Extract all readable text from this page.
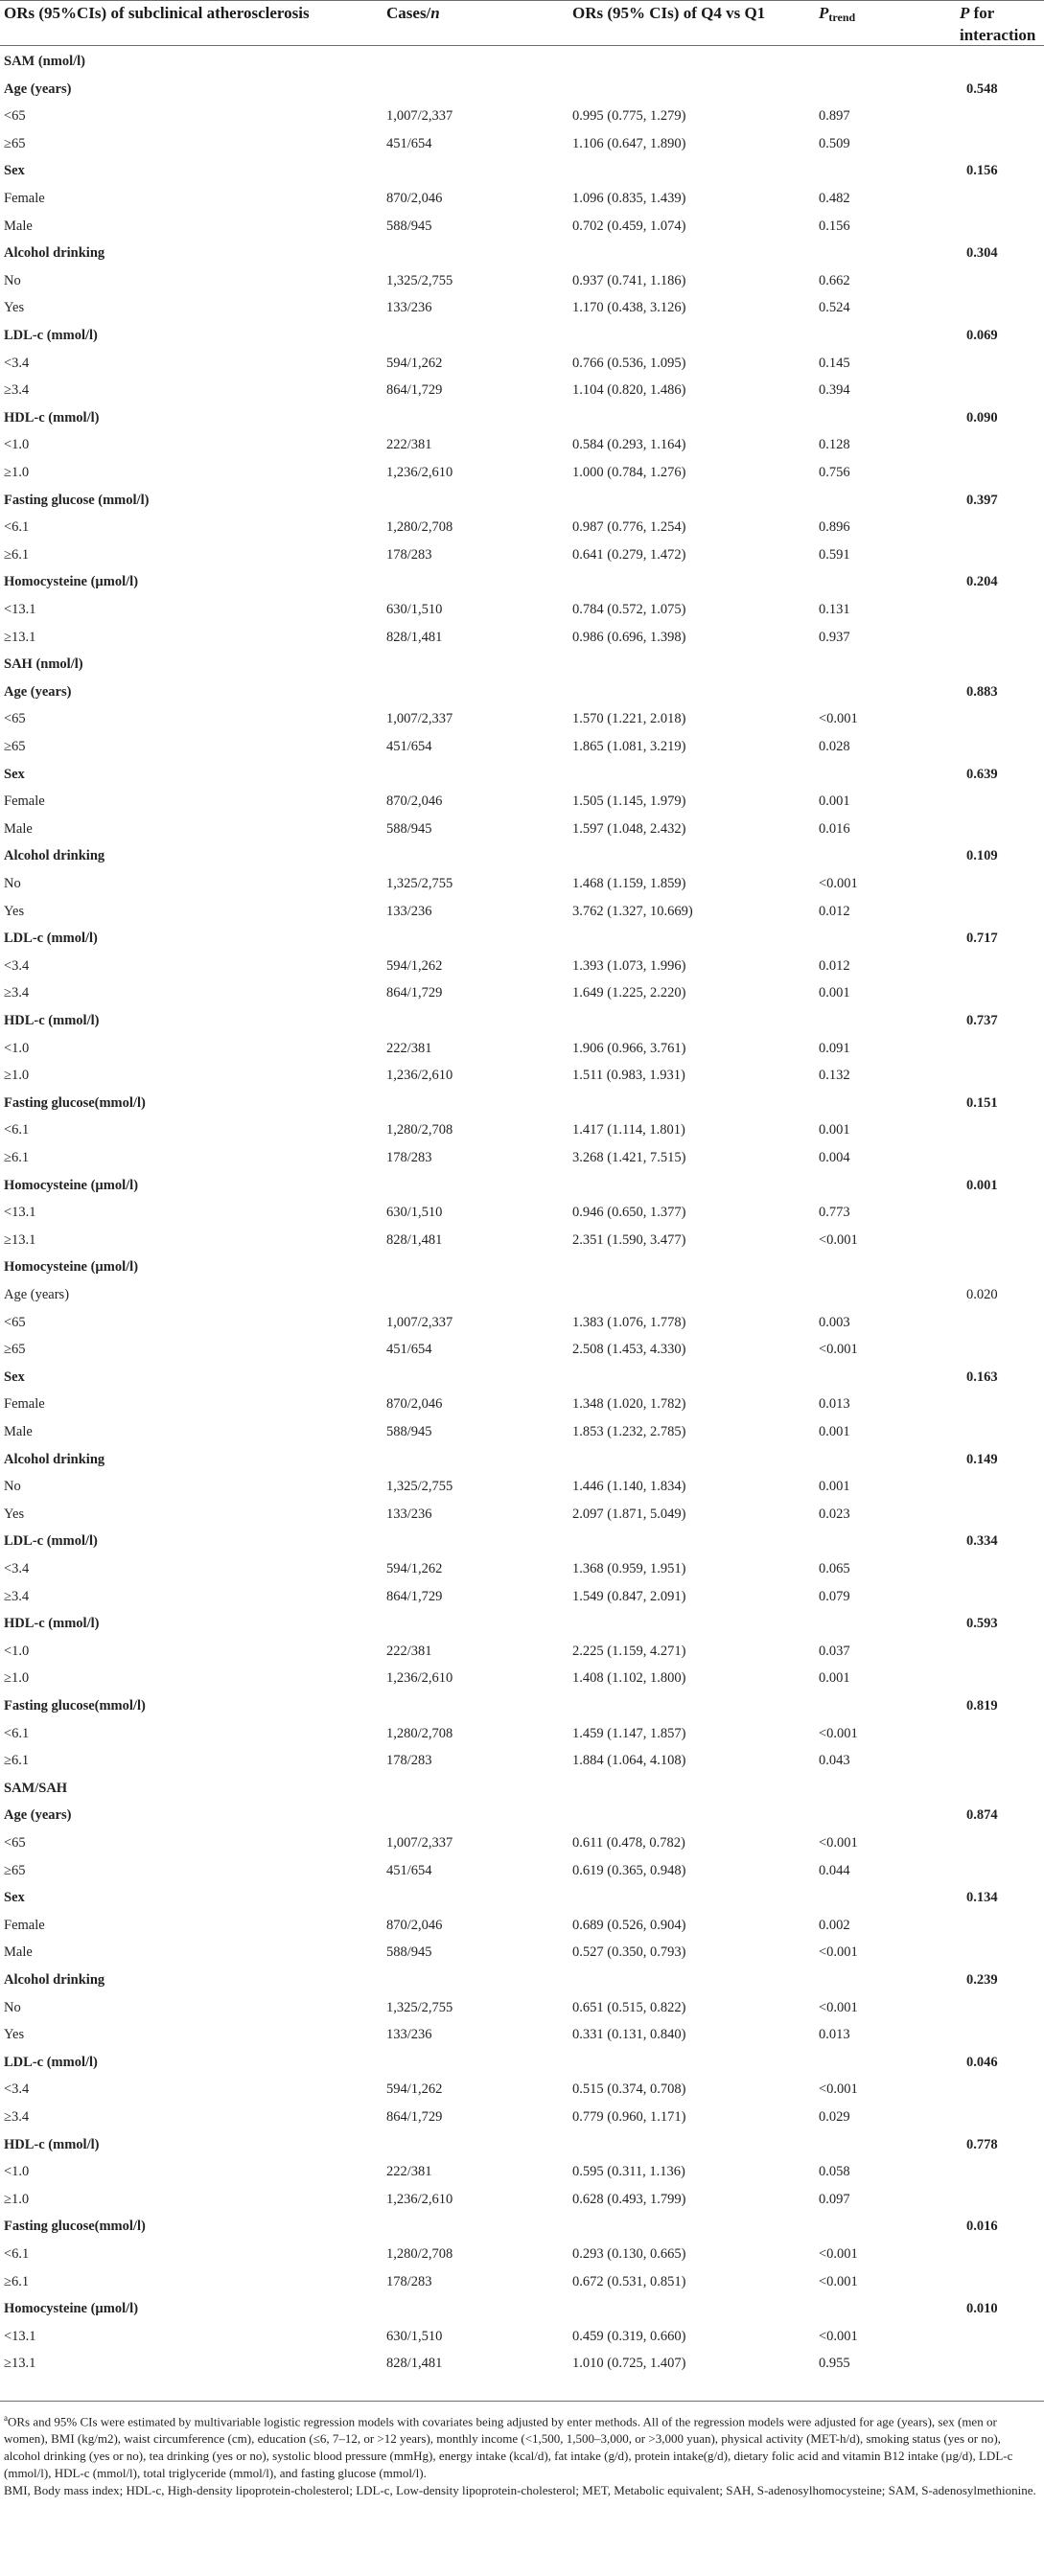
ORs (95%CIs) of subclinical atherosclerosis	Cases/n	ORs (95% CIs) of Q4 vs Q1	$P_{trend}$	P for interaction
SAM (nmol/l)
Age (years)	0.548
<65	1,007/2,337	0.995 (0.775, 1.279)	0.897
≥65	451/654	1.106 (0.647, 1.890)	0.509
Sex	0.156
Female	870/2,046	1.096 (0.835, 1.439)	0.482
Male	588/945	0.702 (0.459, 1.074)	0.156
Alcohol drinking	0.304
No	1,325/2,755	0.937 (0.741, 1.186)	0.662
Yes	133/236	1.170 (0.438, 3.126)	0.524
LDL-c (mmol/l)	0.069
<3.4	594/1,262	0.766 (0.536, 1.095)	0.145
≥3.4	864/1,729	1.104 (0.820, 1.486)	0.394
HDL-c (mmol/l)	0.090
<1.0	222/381	0.584 (0.293, 1.164)	0.128
≥1.0	1,236/2,610	1.000 (0.784, 1.276)	0.756
Fasting glucose (mmol/l)	0.397
<6.1	1,280/2,708	0.987 (0.776, 1.254)	0.896
≥6.1	178/283	0.641 (0.279, 1.472)	0.591
Homocysteine (µmol/l)	0.204
<13.1	630/1,510	0.784 (0.572, 1.075)	0.131
≥13.1	828/1,481	0.986 (0.696, 1.398)	0.937
SAH (nmol/l)
Age (years)	0.883
<65	1,007/2,337	1.570 (1.221, 2.018)	<0.001
≥65	451/654	1.865 (1.081, 3.219)	0.028
Sex	0.639
Female	870/2,046	1.505 (1.145, 1.979)	0.001
Male	588/945	1.597 (1.048, 2.432)	0.016
Alcohol drinking	0.109
No	1,325/2,755	1.468 (1.159, 1.859)	<0.001
Yes	133/236	3.762 (1.327, 10.669)	0.012
LDL-c (mmol/l)	0.717
<3.4	594/1,262	1.393 (1.073, 1.996)	0.012
≥3.4	864/1,729	1.649 (1.225, 2.220)	0.001
HDL-c (mmol/l)	0.737
<1.0	222/381	1.906 (0.966, 3.761)	0.091
≥1.0	1,236/2,610	1.511 (0.983, 1.931)	0.132
Fasting glucose(mmol/l)	0.151
<6.1	1,280/2,708	1.417 (1.114, 1.801)	0.001
≥6.1	178/283	3.268 (1.421, 7.515)	0.004
Homocysteine (µmol/l)	0.001
<13.1	630/1,510	0.946 (0.650, 1.377)	0.773
≥13.1	828/1,481	2.351 (1.590, 3.477)	<0.001
Homocysteine (µmol/l)
Age (years)	0.020
<65	1,007/2,337	1.383 (1.076, 1.778)	0.003
≥65	451/654	2.508 (1.453, 4.330)	<0.001
Sex	0.163
Female	870/2,046	1.348 (1.020, 1.782)	0.013
Male	588/945	1.853 (1.232, 2.785)	0.001
Alcohol drinking	0.149
No	1,325/2,755	1.446 (1.140, 1.834)	0.001
Yes	133/236	2.097 (1.871, 5.049)	0.023
LDL-c (mmol/l)	0.334
<3.4	594/1,262	1.368 (0.959, 1.951)	0.065
≥3.4	864/1,729	1.549 (0.847, 2.091)	0.079
HDL-c (mmol/l)	0.593
<1.0	222/381	2.225 (1.159, 4.271)	0.037
≥1.0	1,236/2,610	1.408 (1.102, 1.800)	0.001
Fasting glucose(mmol/l)	0.819
<6.1	1,280/2,708	1.459 (1.147, 1.857)	<0.001
≥6.1	178/283	1.884 (1.064, 4.108)	0.043
SAM/SAH
Age (years)	0.874
<65	1,007/2,337	0.611 (0.478, 0.782)	<0.001
≥65	451/654	0.619 (0.365, 0.948)	0.044
Sex	0.134
Female	870/2,046	0.689 (0.526, 0.904)	0.002
Male	588/945	0.527 (0.350, 0.793)	<0.001
Alcohol drinking	0.239
No	1,325/2,755	0.651 (0.515, 0.822)	<0.001
Yes	133/236	0.331 (0.131, 0.840)	0.013
LDL-c (mmol/l)	0.046
<3.4	594/1,262	0.515 (0.374, 0.708)	<0.001
≥3.4	864/1,729	0.779 (0.960, 1.171)	0.029
HDL-c (mmol/l)	0.778
<1.0	222/381	0.595 (0.311, 1.136)	0.058
≥1.0	1,236/2,610	0.628 (0.493, 1.799)	0.097
Fasting glucose(mmol/l)	0.016
<6.1	1,280/2,708	0.293 (0.130, 0.665)	<0.001
≥6.1	178/283	0.672 (0.531, 0.851)	<0.001
Homocysteine (µmol/l)	0.010
<13.1	630/1,510	0.459 (0.319, 0.660)	<0.001
≥13.1	828/1,481	1.010 (0.725, 1.407)	0.955

$^a$ORs and 95% CIs were estimated by multivariable logistic regression models with covariates being adjusted by enter methods. All of the regression models were adjusted for age (years), sex (men or women), BMI (kg/m2), waist circumference (cm), education (≤6, 7–12, or >12 years), monthly income (<1,500, 1,500–3,000, or >3,000 yuan), physical activity (MET-h/d), smoking status (yes or no), alcohol drinking (yes or no), tea drinking (yes or no), systolic blood pressure (mmHg), energy intake (kcal/d), fat intake (g/d), protein intake(g/d), dietary folic acid and vitamin B12 intake (µg/d), LDL-c (mmol/l), HDL-c (mmol/l), total triglyceride (mmol/l), and fasting glucose (mmol/l).

BMI, Body mass index; HDL-c, High-density lipoprotein-cholesterol; LDL-c, Low-density lipoprotein-cholesterol; MET, Metabolic equivalent; SAH, S-adenosylhomocysteine; SAM, S-adenosylmethionine.
